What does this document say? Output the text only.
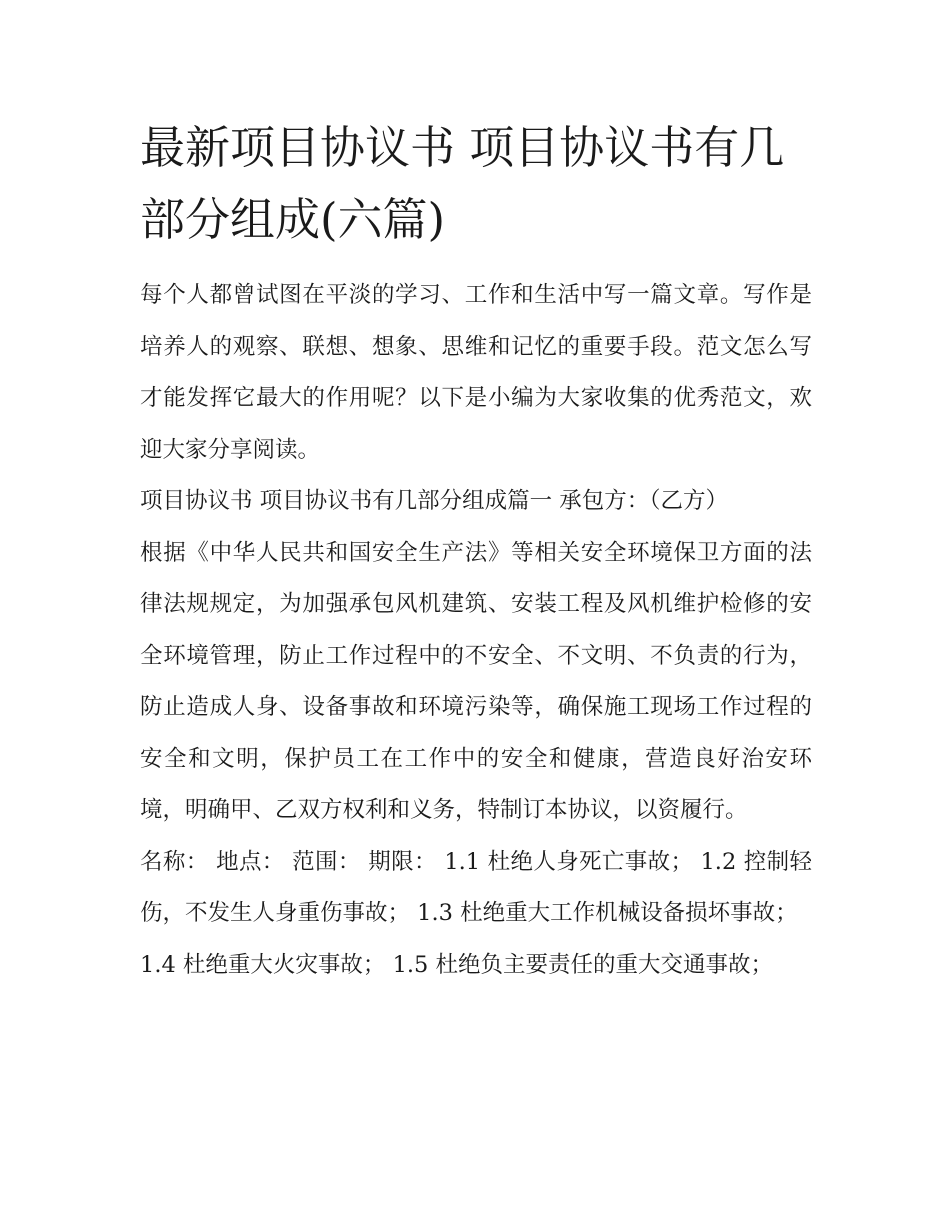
最新项目协议书 项目协议书有几部分组成(六篇)

每个人都曾试图在平淡的学习、工作和生活中写一篇文章。写作是培养人的观察、联想、想象、思维和记忆的重要手段。范文怎么写才能发挥它最大的作用呢？以下是小编为大家收集的优秀范文，欢迎大家分享阅读。

项目协议书 项目协议书有几部分组成篇一 承包方：（乙方）

根据《中华人民共和国安全生产法》等相关安全环境保卫方面的法律法规规定，为加强承包风机建筑、安装工程及风机维护检修的安全环境管理，防止工作过程中的不安全、不文明、不负责的行为，防止造成人身、设备事故和环境污染等，确保施工现场工作过程的安全和文明，保护员工在工作中的安全和健康，营造良好治安环境，明确甲、乙双方权利和义务，特制订本协议，以资履行。

名称： 地点： 范围： 期限： 1.1 杜绝人身死亡事故； 1.2 控制轻伤，不发生人身重伤事故； 1.3 杜绝重大工作机械设备损坏事故；

1.4 杜绝重大火灾事故； 1.5 杜绝负主要责任的重大交通事故；
